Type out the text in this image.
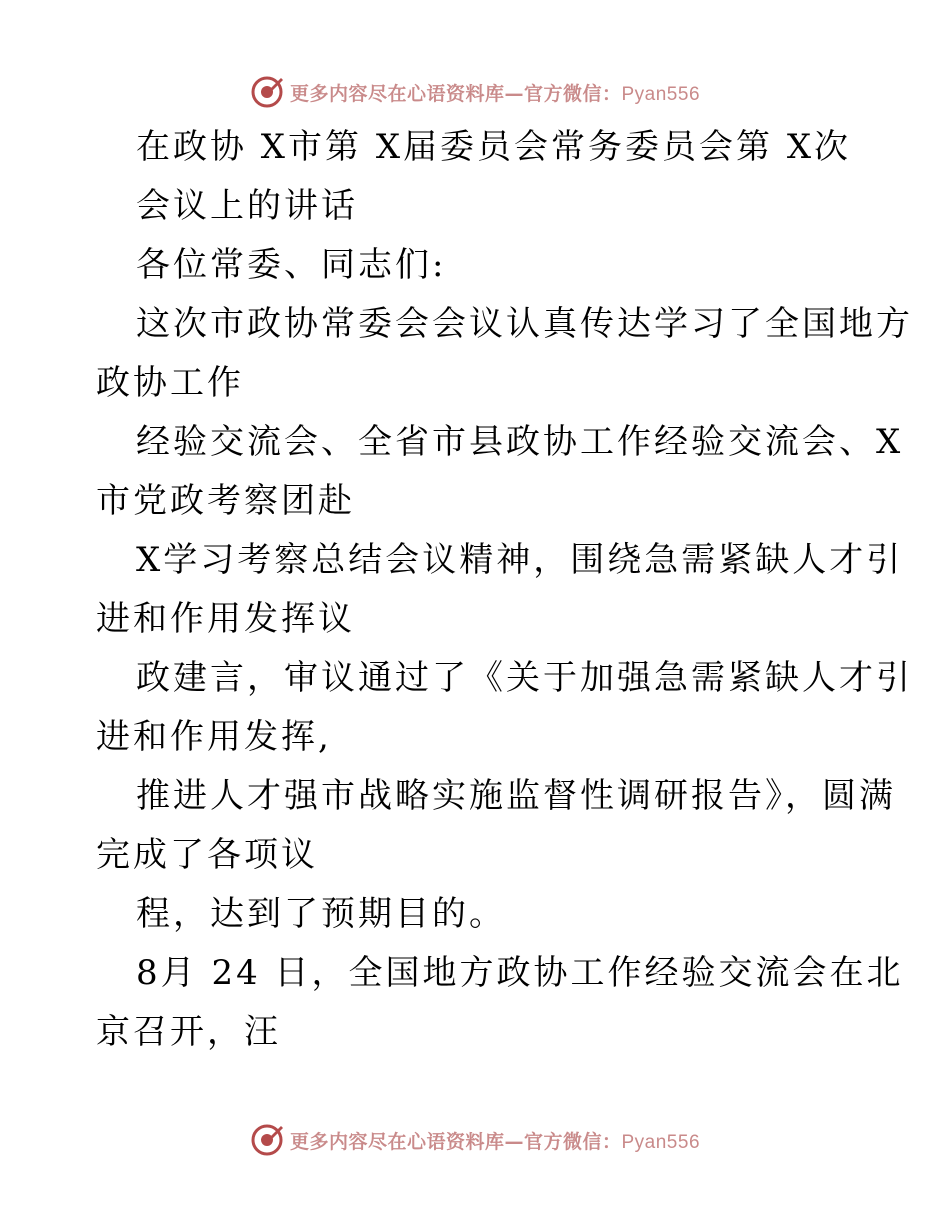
更多内容尽在心语资料库—官方微信：Pyan556
在政协 X市第 X届委员会常务委员会第 X次
会议上的讲话
各位常委、同志们:
这次市政协常委会会议认真传达学习了全国地方
政协工作
经验交流会、全省市县政协工作经验交流会、X
市党政考察团赴
X学习考察总结会议精神，围绕急需紧缺人才引
进和作用发挥议
政建言，审议通过了《关于加强急需紧缺人才引
进和作用发挥,
推进人才强市战略实施监督性调研报告》，圆满
完成了各项议
程，达到了预期目的。
8月 24 日，全国地方政协工作经验交流会在北
京召开，汪
更多内容尽在心语资料库—官方微信：Pyan556
